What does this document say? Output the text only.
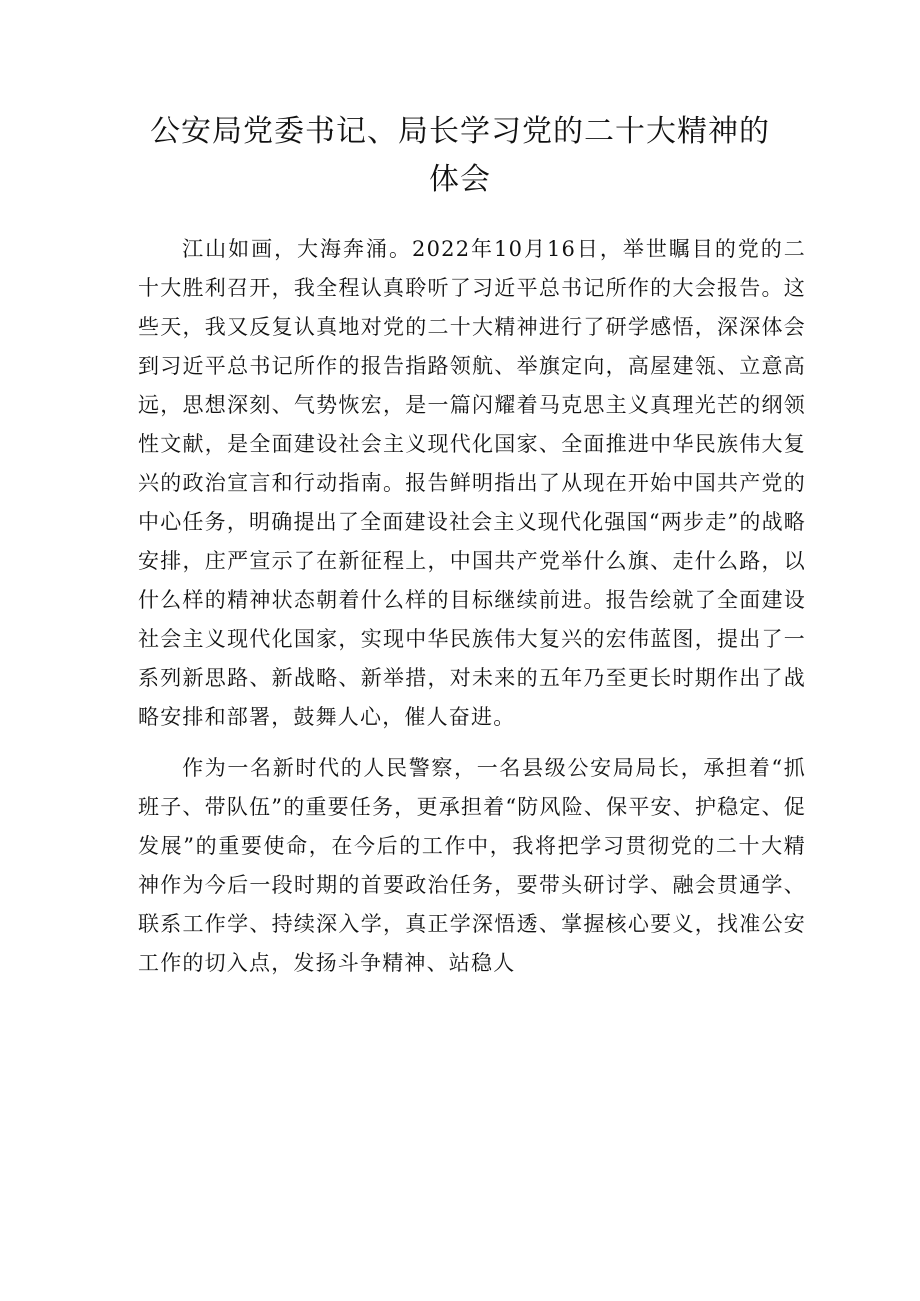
公安局党委书记、局长学习党的二十大精神的
体会

江山如画，大海奔涌。2022年10月16日，举世瞩目的党的二十大胜利召开，我全程认真聆听了习近平总书记所作的大会报告。这些天，我又反复认真地对党的二十大精神进行了研学感悟，深深体会到习近平总书记所作的报告指路领航、举旗定向，高屋建瓴、立意高远，思想深刻、气势恢宏，是一篇闪耀着马克思主义真理光芒的纲领性文献，是全面建设社会主义现代化国家、全面推进中华民族伟大复兴的政治宣言和行动指南。报告鲜明指出了从现在开始中国共产党的中心任务，明确提出了全面建设社会主义现代化强国“两步走”的战略安排，庄严宣示了在新征程上，中国共产党举什么旗、走什么路，以什么样的精神状态朝着什么样的目标继续前进。报告绘就了全面建设社会主义现代化国家，实现中华民族伟大复兴的宏伟蓝图，提出了一系列新思路、新战略、新举措，对未来的五年乃至更长时期作出了战略安排和部署，鼓舞人心，催人奋进。

作为一名新时代的人民警察，一名县级公安局局长，承担着“抓班子、带队伍”的重要任务，更承担着“防风险、保平安、护稳定、促发展”的重要使命，在今后的工作中，我将把学习贯彻党的二十大精神作为今后一段时期的首要政治任务，要带头研讨学、融会贯通学、联系工作学、持续深入学，真正学深悟透、掌握核心要义，找准公安工作的切入点，发扬斗争精神、站稳人
